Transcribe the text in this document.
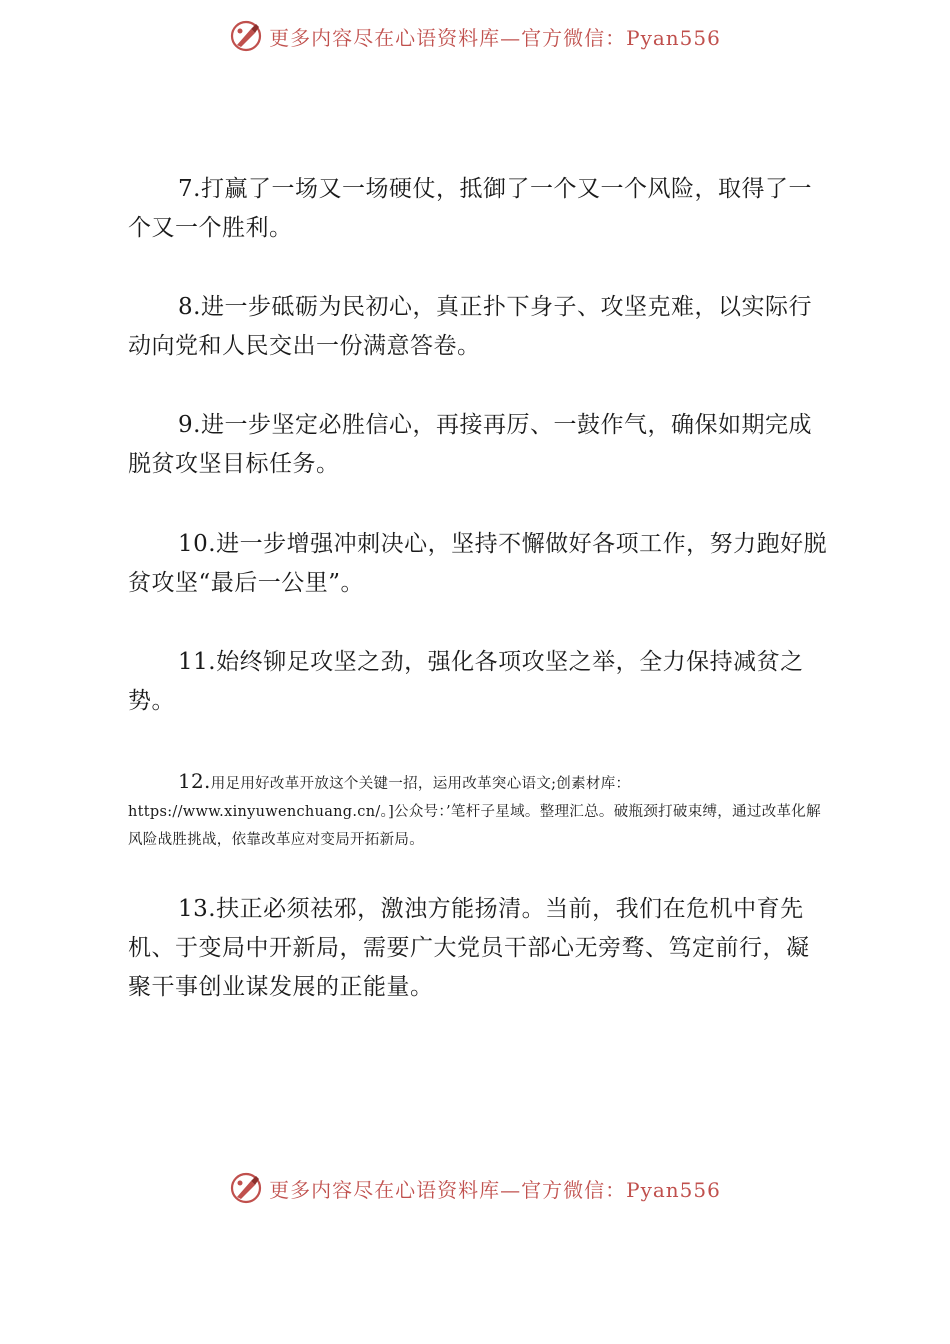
更多内容尽在心语资料库—官方微信：Pyan556

7.打赢了一场又一场硬仗，抵御了一个又一个风险，取得了一个又一个胜利。

8.进一步砥砺为民初心，真正扑下身子、攻坚克难，以实际行动向党和人民交出一份满意答卷。

9.进一步坚定必胜信心，再接再厉、一鼓作气，确保如期完成脱贫攻坚目标任务。

10.进一步增强冲刺决心，坚持不懈做好各项工作，努力跑好脱贫攻坚“最后一公里”。

11.始终铆足攻坚之劲，强化各项攻坚之举，全力保持减贫之势。

12.用足用好改革开放这个关键一招，运用改革突心语文;创素材库：https://www.xinyuwenchuang.cn/。]公众号：’笔杆子星域。整理汇总。破瓶颈打破束缚，通过改革化解风险战胜挑战，依靠改革应对变局开拓新局。

13.扶正必须祛邪，激浊方能扬清。当前，我们在危机中育先机、于变局中开新局，需要广大党员干部心无旁骛、笃定前行，凝聚干事创业谋发展的正能量。

更多内容尽在心语资料库—官方微信：Pyan556
